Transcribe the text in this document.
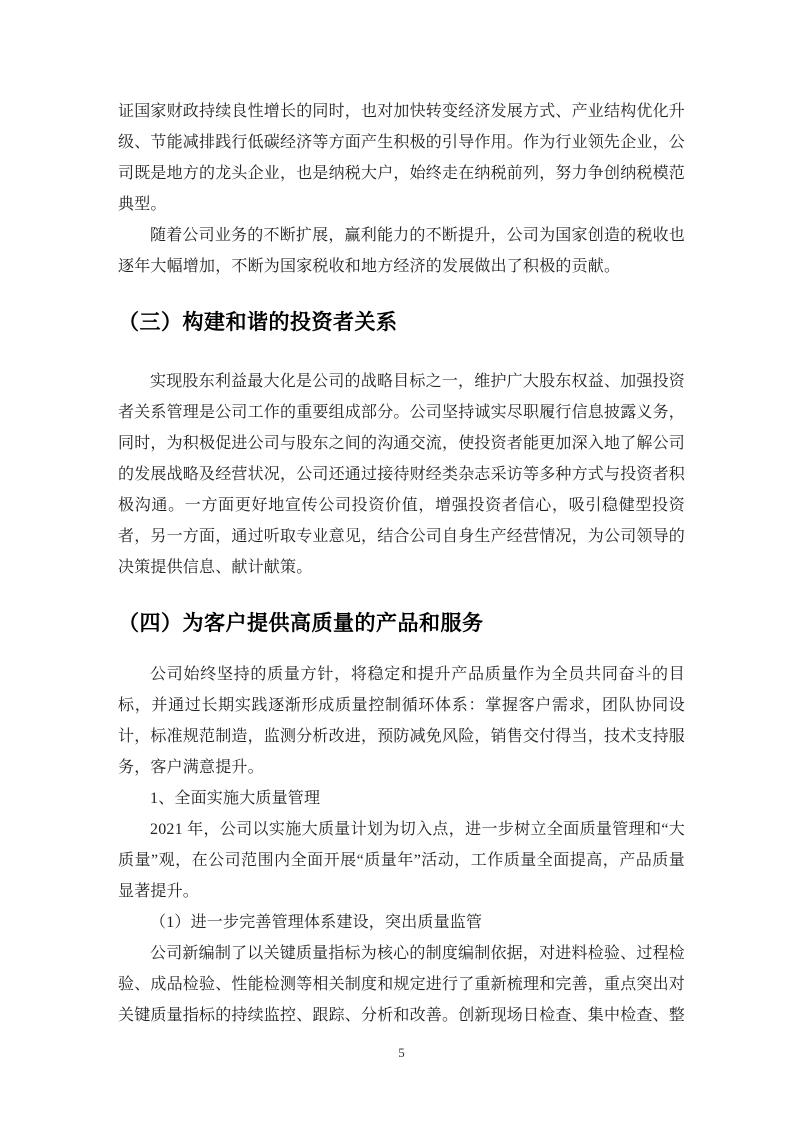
证国家财政持续良性增长的同时，也对加快转变经济发展方式、产业结构优化升级、节能减排践行低碳经济等方面产生积极的引导作用。作为行业领先企业，公司既是地方的龙头企业，也是纳税大户，始终走在纳税前列，努力争创纳税模范典型。

随着公司业务的不断扩展，赢利能力的不断提升，公司为国家创造的税收也逐年大幅增加，不断为国家税收和地方经济的发展做出了积极的贡献。

（三）构建和谐的投资者关系

实现股东利益最大化是公司的战略目标之一，维护广大股东权益、加强投资者关系管理是公司工作的重要组成部分。公司坚持诚实尽职履行信息披露义务，同时，为积极促进公司与股东之间的沟通交流，使投资者能更加深入地了解公司的发展战略及经营状况，公司还通过接待财经类杂志采访等多种方式与投资者积极沟通。一方面更好地宣传公司投资价值，增强投资者信心，吸引稳健型投资者，另一方面，通过听取专业意见，结合公司自身生产经营情况，为公司领导的决策提供信息、献计献策。

（四）为客户提供高质量的产品和服务

公司始终坚持的质量方针，将稳定和提升产品质量作为全员共同奋斗的目标，并通过长期实践逐渐形成质量控制循环体系：掌握客户需求，团队协同设计，标准规范制造，监测分析改进，预防减免风险，销售交付得当，技术支持服务，客户满意提升。

1、全面实施大质量管理

2021 年，公司以实施大质量计划为切入点，进一步树立全面质量管理和“大质量”观，在公司范围内全面开展“质量年”活动，工作质量全面提高，产品质量显著提升。

（1）进一步完善管理体系建设，突出质量监管

公司新编制了以关键质量指标为核心的制度编制依据，对进料检验、过程检验、成品检验、性能检测等相关制度和规定进行了重新梳理和完善，重点突出对关键质量指标的持续监控、跟踪、分析和改善。创新现场日检查、集中检查、整

5
